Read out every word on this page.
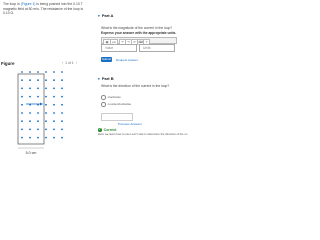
The loop in (Figure 1) is being pushed into the 0.10 T magnetic field at 50 m/s. The resistance of the loop is 0.10 Ω.
Figure	‹ 1 of 1 ›
5.0 cm
▾ Part A
What is the magnitude of the current in the loop?
Express your answer with the appropriate units.
▣	μA	↶	↷	⟳ ⌨	?
Value	Units
Submit Request Answer
▾ Part B
What is the direction of the current in the loop?
clockwise
counterclockwise
Previous Answers
✓ Correct
Here we learn how to use Lenz's law to determine the direction of the cu
